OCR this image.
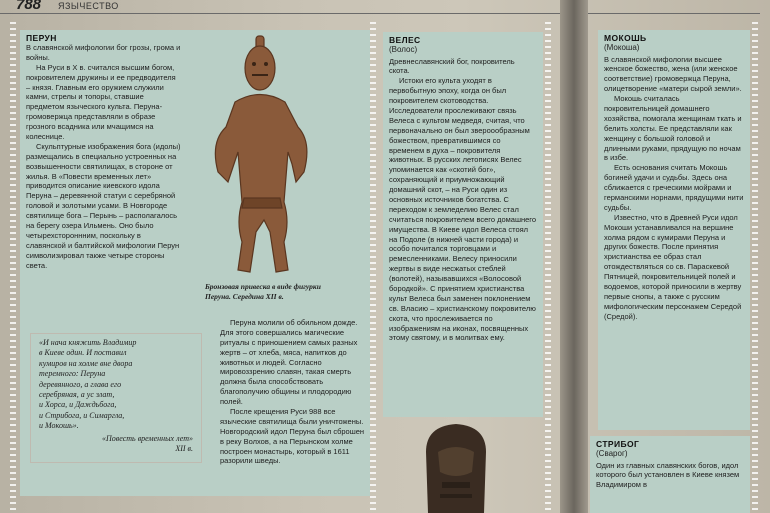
788 ЯЗЫЧЕСТВО
ПЕРУН

В славянской мифологии бог грозы, грома и войны.

На Руси в X в. считался высшим богом, покровителем дружины и ее предводителя – князя. Главным его оружием служили камни, стрелы и топоры, ставшие предметом языческого культа. Перуна-громовержца представляли в образе грозного всадника или мчащимся на колеснице.

Скульптурные изображения бога (идолы) размещались в специально устроенных на возвышенности святилищах, в стороне от жилья. В «Повести временных лет» приводится описание киевского идола Перуна – деревянной статуи с серебряной головой и золотыми усами. В Новгороде святилище бога – Перынь – располагалось на берегу озера Ильмень. Оно было четырехстороннним, поскольку в славянской и балтийской мифологии Перун символизировал также четыре стороны света.

Бронзовая привеска в виде фигурки Перуна. Середина XII в.
«И нача княжить Владимир
в Киеве один. И поставил
кумиров на холме вне двора
теремного: Перуна
деревянного, а глава его
серебряная, а ус злат,
и Хорса, и Даждьбога,
и Стрибога, и Симаргла,
и Мокошь».
«Повесть временных лет»
XII в.

Перуна молили об обильном дожде. Для этого совершались магические ритуалы с приношением самых разных жертв – от хлеба, мяса, напитков до животных и людей. Согласно мировоззрению славян, такая смерть должна была способствовать благополучию общины и плодородию полей.

После крещения Руси 988 все языческие святилища были уничтожены. Новгородский идол Перуна был сброшен в реку Волхов, а на Перынском холме построен монастырь, который в 1611 разорили шведы.

ВЕЛЕС
(Волос)

Древнеславянский бог, покровитель скота.

Истоки его культа уходят в первобытную эпоху, когда он был покровителем скотоводства. Исследователи прослеживают связь Велеса с культом медведя, считая, что первоначально он был звероообразным божеством, превратившимся со временем в духа – покровителя животных. В русских летописях Велес упоминается как «скотий бог», сохраняющий и приумножающий домашний скот, – на Руси один из основных источников богатства. С переходом к земледелию Велес стал считаться покровителем всего домашнего имущества. В Киеве идол Велеса стоял на Подоле (в нижней части города) и особо почитался торговцами и ремесленниками. Велесу приносили жертвы в виде несжатых стеблей (волотей), называвшихся «Волосовой бородкой». С принятием христианства культ Велеса был заменен поклонением св. Власию – христианскому покровителю скота, что прослеживается по изображениям на иконах, посвященных этому святому, и в молитвах ему.

МОКОШЬ
(Мокоша)

В славянской мифологии высшее женское божество, жена (или женское соответствие) громовержца Перуна, олицетворение «матери сырой земли».

Мокошь считалась покровительницей домашнего хозяйства, помогала женщинам ткать и белить холсты. Ее представляли как женщину с большой головой и длинными руками, прядущую по ночам в избе.

Есть основания считать Мокошь богиней удачи и судьбы. Здесь она сближается с греческими мойрами и германскими норнами, прядущими нити судьбы.

Известно, что в Древней Руси идол Мокоши устанавливался на вершине холма рядом с кумирами Перуна и других божеств. После принятия христианства ее образ стал отождествляться со св. Параскевой Пятницей, покровительницей полей и водоемов, которой приносили в жертву первые снопы, а также с русским мифологическим персонажем Середой (Средой).

СТРИБОГ
(Сварог)

Один из главных славянских богов, идол которого был установлен в Киеве князем Владимиром в
